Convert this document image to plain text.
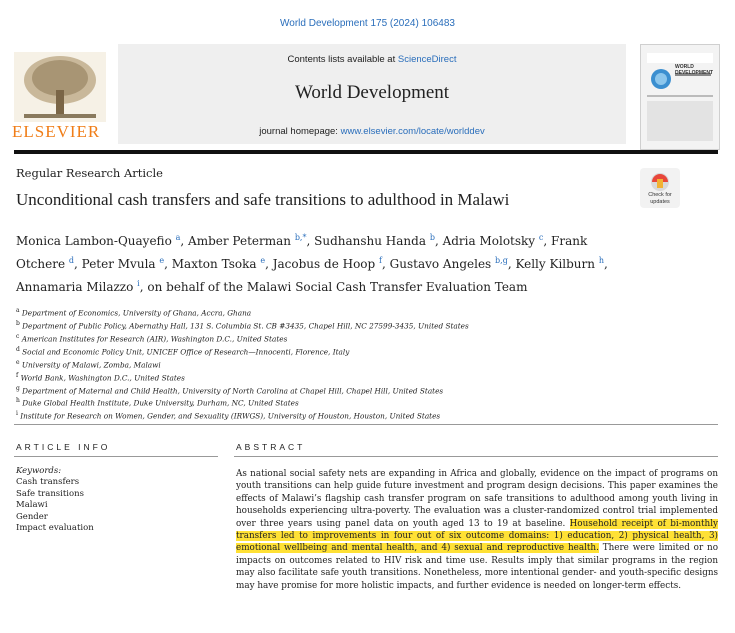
World Development 175 (2024) 106483
Contents lists available at ScienceDirect
World Development
journal homepage: www.elsevier.com/locate/worlddev
ELSEVIER
WORLD DEVELOPMENT
Regular Research Article
Unconditional cash transfers and safe transitions to adulthood in Malawi	Check for
updates
Monica Lambon-Quayefio $^a$, Amber Peterman $^{b,*}$, Sudhanshu Handa $^b$, Adria Molotsky $^c$, Frank Otchere $^d$, Peter Mvula $^e$, Maxton Tsoka $^e$, Jacobus de Hoop $^f$, Gustavo Angeles $^{b,g}$, Kelly Kilburn $^h$, Annamaria Milazzo $^i$, on behalf of the Malawi Social Cash Transfer Evaluation Team
$^a$ Department of Economics, University of Ghana, Accra, Ghana
$^b$ Department of Public Policy, Abernathy Hall, 131 S. Columbia St. CB #3435, Chapel Hill, NC 27599-3435, United States
$^c$ American Institutes for Research (AIR), Washington D.C., United States
$^d$ Social and Economic Policy Unit, UNICEF Office of Research—Innocenti, Florence, Italy
$^e$ University of Malawi, Zomba, Malawi
$^f$ World Bank, Washington D.C., United States
$^g$ Department of Maternal and Child Health, University of North Carolina at Chapel Hill, Chapel Hill, United States
$^h$ Duke Global Health Institute, Duke University, Durham, NC, United States
$^i$ Institute for Research on Women, Gender, and Sexuality (IRWGS), University of Houston, Houston, United States
ARTICLE INFO	ABSTRACT
Keywords:
Cash transfers
Safe transitions
Malawi
Gender
Impact evaluation
As national social safety nets are expanding in Africa and globally, evidence on the impact of programs on youth transitions can help guide future investment and program design decisions. This paper examines the effects of Malawi’s flagship cash transfer program on safe transitions to adulthood among youth living in households experiencing ultra-poverty. The evaluation was a cluster-randomized control trial implemented over three years using panel data on youth aged 13 to 19 at baseline. Household receipt of bi-monthly transfers led to improvements in four out of six outcome domains: 1) education, 2) physical health, 3) emotional wellbeing and mental health, and 4) sexual and reproductive health. There were limited or no impacts on outcomes related to HIV risk and time use. Results imply that similar programs in the region may also facilitate safe youth transitions. Nonetheless, more intentional gender- and youth-specific designs may have promise for more holistic impacts, and further evidence is needed on longer-term effects.
